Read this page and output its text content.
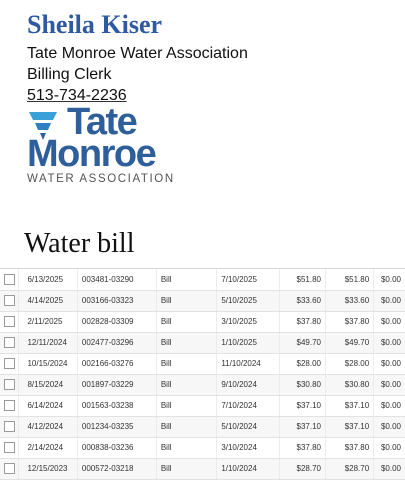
Sheila Kiser
Tate Monroe Water Association
Billing Clerk
513-734-2236
Tate
Monroe
WATER ASSOCIATION
Water bill
	6/13/2025	003481-03290	Bill	7/10/2025	$51.80	$51.80	$0.00
	4/14/2025	003166-03323	Bill	5/10/2025	$33.60	$33.60	$0.00
	2/11/2025	002828-03309	Bill	3/10/2025	$37.80	$37.80	$0.00
	12/11/2024	002477-03296	Bill	1/10/2025	$49.70	$49.70	$0.00
	10/15/2024	002166-03276	Bill	11/10/2024	$28.00	$28.00	$0.00
	8/15/2024	001897-03229	Bill	9/10/2024	$30.80	$30.80	$0.00
	6/14/2024	001563-03238	Bill	7/10/2024	$37.10	$37.10	$0.00
	4/12/2024	001234-03235	Bill	5/10/2024	$37.10	$37.10	$0.00
	2/14/2024	000838-03236	Bill	3/10/2024	$37.80	$37.80	$0.00
	12/15/2023	000572-03218	Bill	1/10/2024	$28.70	$28.70	$0.00
